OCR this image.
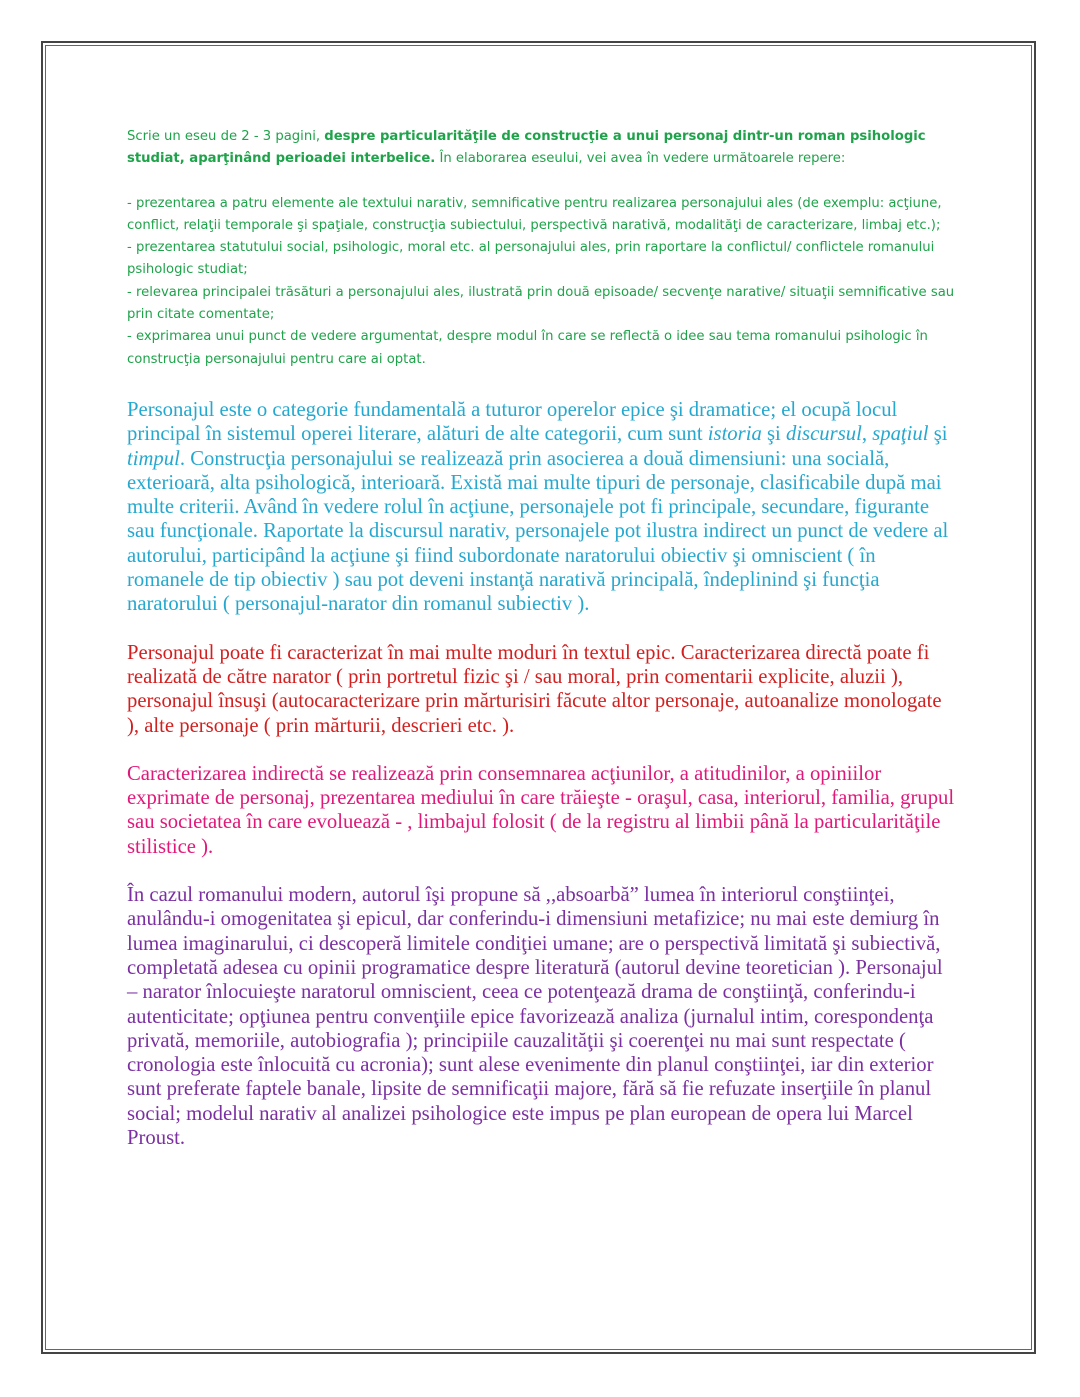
Scrie un eseu de 2 - 3 pagini, despre particularităţile de construcţie a unui personaj dintr-un roman psihologic studiat, aparţinând perioadei interbelice. În elaborarea eseului, vei avea în vedere următoarele repere:

- prezentarea a patru elemente ale textului narativ, semnificative pentru realizarea personajului ales (de exemplu: acţiune, conflict, relaţii temporale şi spaţiale, construcţia subiectului, perspectivă narativă, modalităţi de caracterizare, limbaj etc.);
- prezentarea statutului social, psihologic, moral etc. al personajului ales, prin raportare la conflictul/ conflictele romanului psihologic studiat;
- relevarea principalei trăsături a personajului ales, ilustrată prin două episoade/ secvenţe narative/ situaţii semnificative sau prin citate comentate;
- exprimarea unui punct de vedere argumentat, despre modul în care se reflectă o idee sau tema romanului psihologic în construcţia personajului pentru care ai optat.

Personajul este o categorie fundamentală a tuturor operelor epice şi dramatice; el ocupă locul principal în sistemul operei literare, alături de alte categorii, cum sunt istoria şi discursul, spaţiul şi timpul. Construcţia personajului se realizează prin asocierea a două dimensiuni: una socială, exterioară, alta psihologică, interioară. Există mai multe tipuri de personaje, clasificabile după mai multe criterii. Având în vedere rolul în acţiune, personajele pot fi principale, secundare, figurante sau funcţionale. Raportate la discursul narativ, personajele pot ilustra indirect un punct de vedere al autorului, participând la acţiune şi fiind subordonate naratorului obiectiv şi omniscient ( în romanele de tip obiectiv ) sau pot deveni instanţă narativă principală, îndeplinind şi funcţia naratorului ( personajul-narator din romanul subiectiv ).

Personajul poate fi caracterizat în mai multe moduri în textul epic. Caracterizarea directă poate fi realizată de către narator ( prin portretul fizic şi / sau moral, prin comentarii explicite, aluzii ), personajul însuşi (autocaracterizare prin mărturisiri făcute altor personaje, autoanalize monologate ), alte personaje ( prin mărturii, descrieri etc. ).

Caracterizarea indirectă se realizează prin consemnarea acţiunilor, a atitudinilor, a opiniilor exprimate de personaj, prezentarea mediului în care trăieşte - oraşul, casa, interiorul, familia, grupul sau societatea în care evoluează - , limbajul folosit ( de la registru al limbii până la particularităţile stilistice ).

În cazul romanului modern, autorul îşi propune să ,,absoarbă” lumea în interiorul conştiinţei, anulându-i omogenitatea şi epicul, dar conferindu-i dimensiuni metafizice; nu mai este demiurg în lumea imaginarului, ci descoperă limitele condiţiei umane; are o perspectivă limitată şi subiectivă, completată adesea cu opinii programatice despre literatură (autorul devine teoretician ). Personajul – narator înlocuieşte naratorul omniscient, ceea ce potenţează drama de conştiinţă, conferindu-i autenticitate; opţiunea pentru convenţiile epice favorizează analiza (jurnalul intim, corespondenţa privată, memoriile, autobiografia ); principiile cauzalităţii şi coerenţei nu mai sunt respectate ( cronologia este înlocuită cu acronia); sunt alese evenimente din planul conştiinţei, iar din exterior sunt preferate faptele banale, lipsite de semnificaţii majore, fără să fie refuzate inserţiile în planul social; modelul narativ al analizei psihologice este impus pe plan european de opera lui Marcel Proust.
